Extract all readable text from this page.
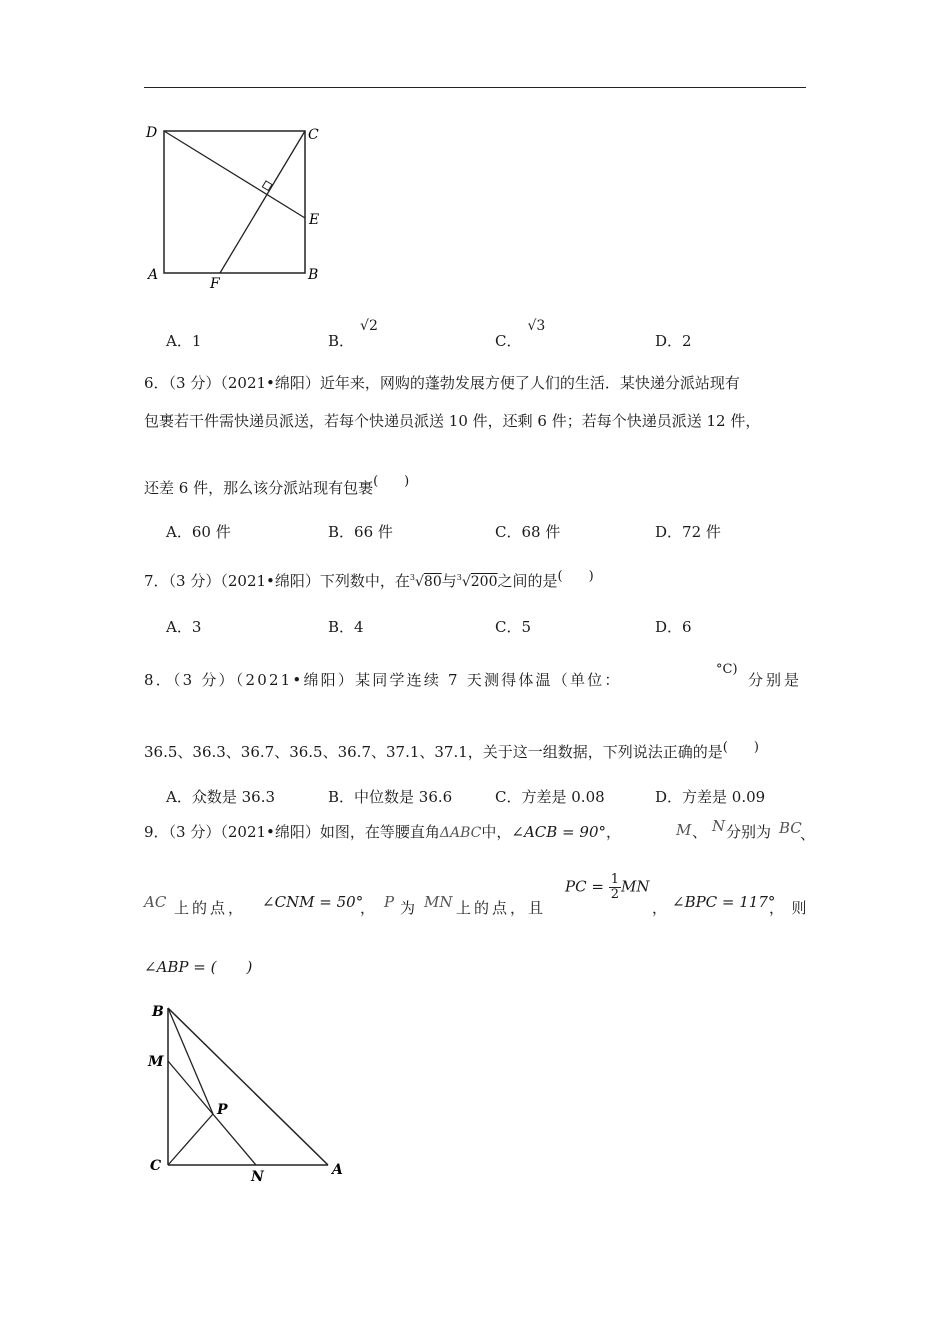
D	C
E
A	B
F
A．1	B．√2
C．√3
D．2
6．（3 分）（2021•绵阳）近年来，网购的蓬勃发展方便了人们的生活．某快递分派站现有
包裹若干件需快递员派送，若每个快递员派送 10 件，还剩 6 件；若每个快递员派送 12 件，
还差 6 件，那么该分派站现有包裹(　　)
A．60 件	B．66 件	C．68 件	D．72 件
7．（3 分）（2021•绵阳）下列数中，在$^3$√80与$^3$√200之间的是(　　)
A．3	B．4	C．5	D．6
8．（3 分）（2021•绵阳）某同学连续 7 天测得体温（单位：
°C)
分别是
36.5、36.3、36.7、36.5、36.7、37.1、37.1，关于这一组数据，下列说法正确的是(　　)
A．众数是 36.3	B．中位数是 36.6	C．方差是 0.08	D．方差是 0.09
9．（3 分）（2021•绵阳）如图，在等腰直角ΔABC中，∠ACB = 90°，	M 、 N 分别为 BC
、
AC 上的点， ∠CNM = 50°
， P 为 MN 上的点，且
PC = $\frac{1}{2}$ MN
， ∠BPC = 117°
，　则
∠ABP = (　　)
B
M
P
C
N	A
